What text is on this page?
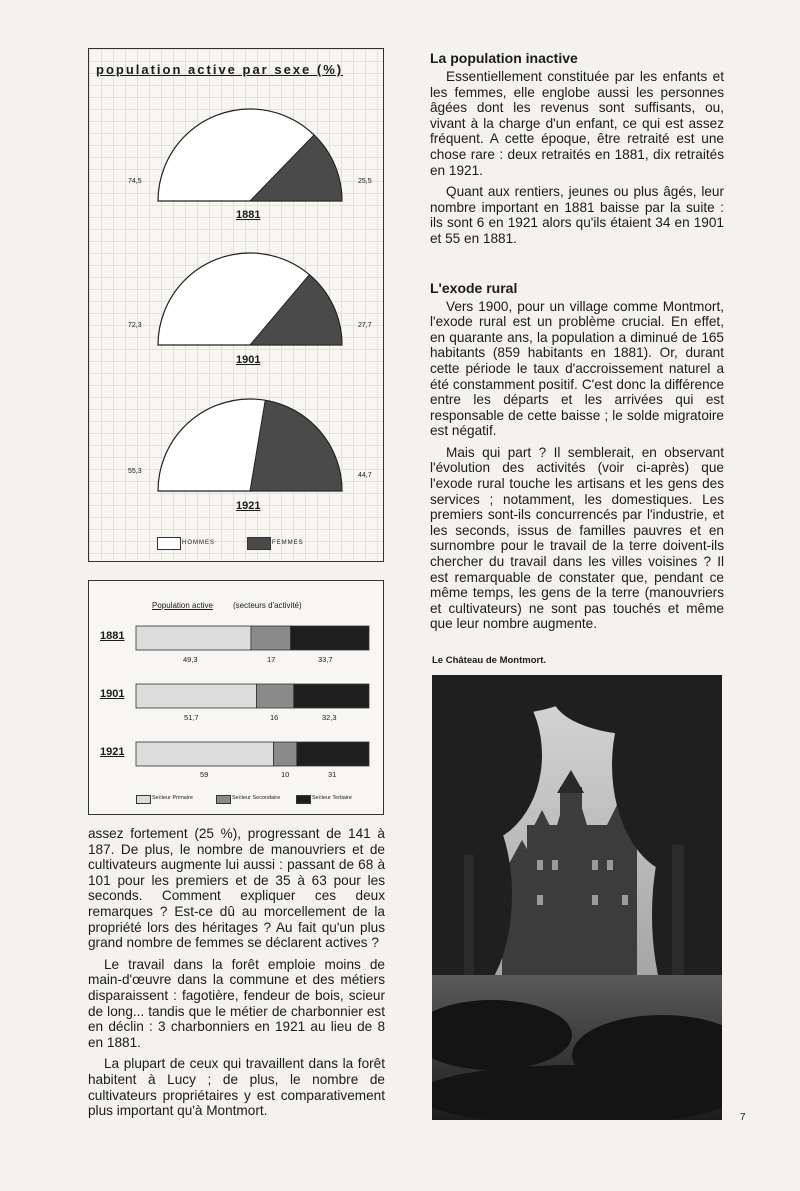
population active par sexe (%)
74,5	25,5
1881
72,3	27,7
1901
55,3
44,7
1921
HOMMES	FEMMES
Population active	(secteurs d'activité)
1881
49,3	17	33,7
1901
51,7	16	32,3
1921
59	10	31
Secteur Primaire	Secteur Secondaire	Secteur Tertiaire

assez fortement (25 %), progressant de 141 à 187. De plus, le nombre de manouvriers et de cultivateurs augmente lui aussi : passant de 68 à 101 pour les premiers et de 35 à 63 pour les seconds. Comment expliquer ces deux remarques ? Est-ce dû au morcellement de la propriété lors des héritages ? Au fait qu'un plus grand nombre de femmes se déclarent actives ?

Le travail dans la forêt emploie moins de main-d'œuvre dans la commune et des métiers disparaissent : fagotière, fendeur de bois, scieur de long... tandis que le métier de charbonnier est en déclin : 3 charbonniers en 1921 au lieu de 8 en 1881.

La plupart de ceux qui travaillent dans la forêt habitent à Lucy ; de plus, le nombre de cultivateurs propriétaires y est comparativement plus important qu'à Montmort.

La population inactive

Essentiellement constituée par les enfants et les femmes, elle englobe aussi les personnes âgées dont les revenus sont suffisants, ou, vivant à la charge d'un enfant, ce qui est assez fréquent. A cette époque, être retraité est une chose rare : deux retraités en 1881, dix retraités en 1921.

Quant aux rentiers, jeunes ou plus âgés, leur nombre important en 1881 baisse par la suite : ils sont 6 en 1921 alors qu'ils étaient 34 en 1901 et 55 en 1881.

L'exode rural

Vers 1900, pour un village comme Montmort, l'exode rural est un problème crucial. En effet, en quarante ans, la population a diminué de 165 habitants (859 habitants en 1881). Or, durant cette période le taux d'accroissement naturel a été constamment positif. C'est donc la différence entre les départs et les arrivées qui est responsable de cette baisse ; le solde migratoire est négatif.

Mais qui part ? Il semblerait, en observant l'évolution des activités (voir ci-après) que l'exode rural touche les artisans et les gens des services ; notamment, les domestiques. Les premiers sont-ils concurrencés par l'industrie, et les seconds, issus de familles pauvres et en surnombre pour le travail de la terre doivent-ils chercher du travail dans les villes voisines ? Il est remarquable de constater que, pendant ce même temps, les gens de la terre (manouvriers et cultivateurs) ne sont pas touchés et même que leur nombre augmente.

Le Château de Montmort.
7
